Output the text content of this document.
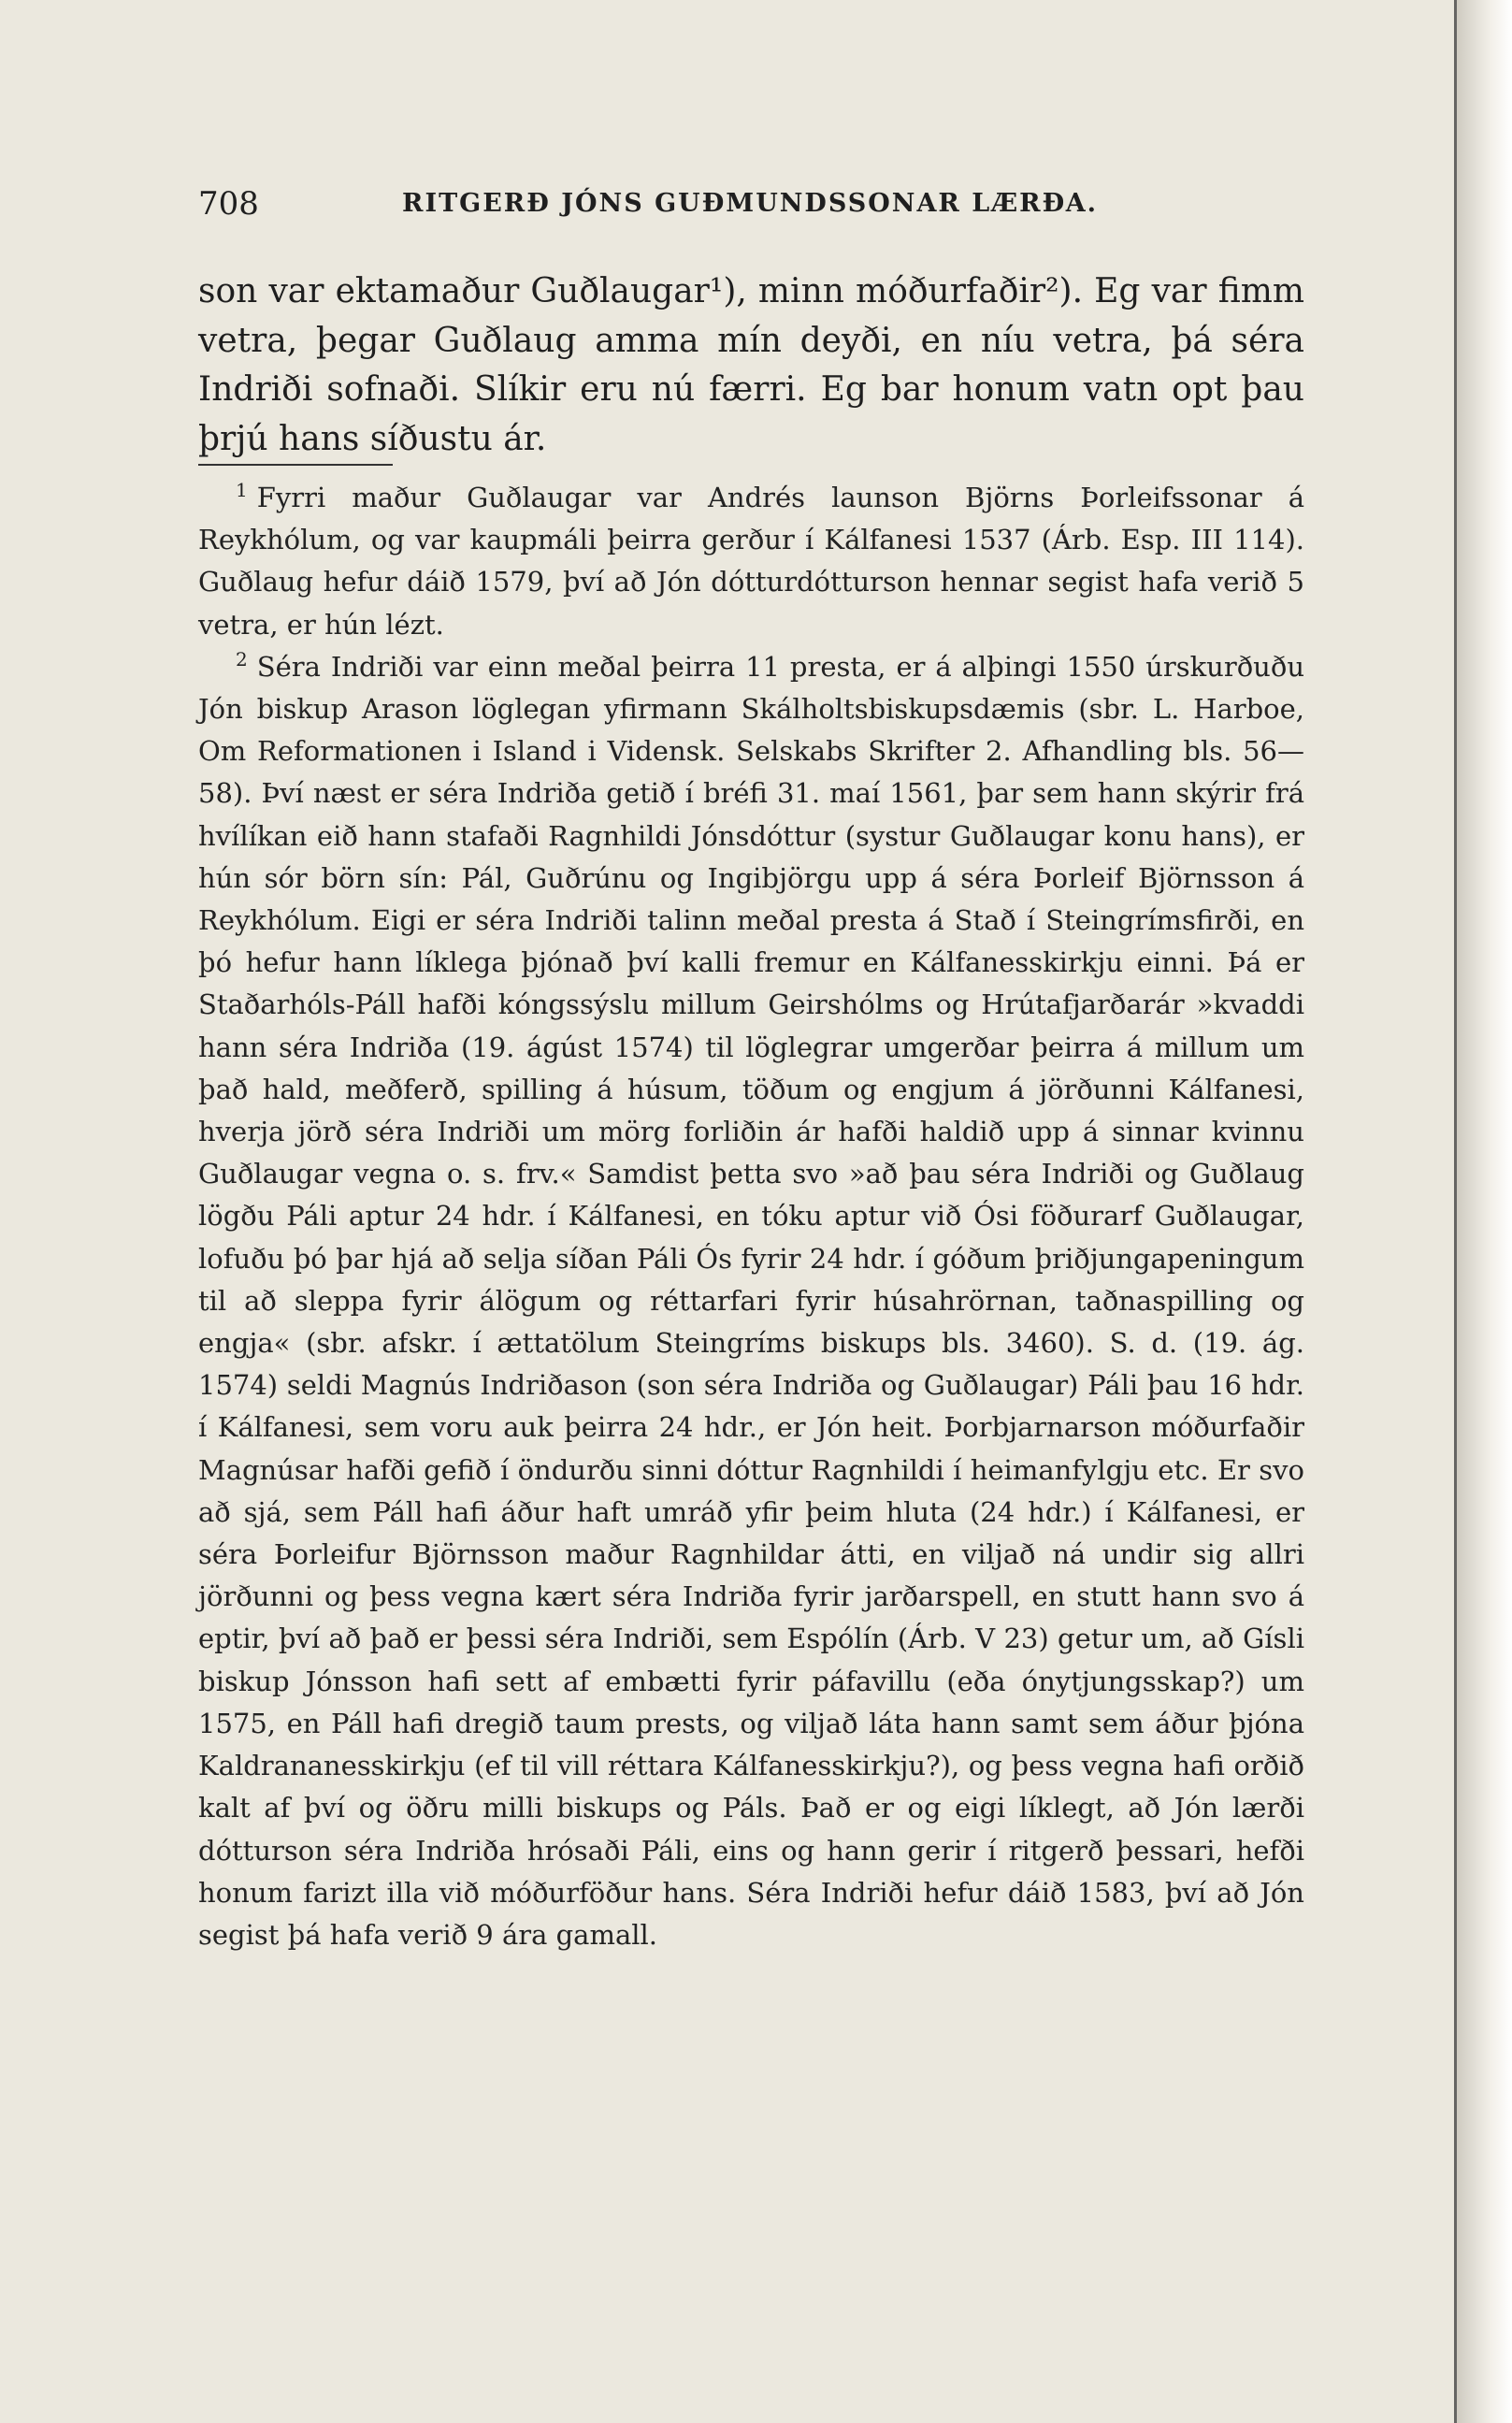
708	RITGERÐ JÓNS GUÐMUNDSSONAR LÆRÐA.

son var ektamaður Guðlaugar¹), minn móðurfaðir²). Eg var fimm vetra, þegar Guðlaug amma mín deyði, en níu vetra, þá séra Indriði sofnaði. Slíkir eru nú færri. Eg bar honum vatn opt þau þrjú hans síðustu ár.

$^1$ Fyrri maður Guðlaugar var Andrés launson Björns Þorleifssonar á Reykhólum, og var kaupmáli þeirra gerður í Kálfanesi 1537 (Árb. Esp. III 114). Guðlaug hefur dáið 1579, því að Jón dótturdótturson hennar segist hafa verið 5 vetra, er hún lézt.

$^2$ Séra Indriði var einn meðal þeirra 11 presta, er á alþingi 1550 úrskurðuðu Jón biskup Arason löglegan yfirmann Skálholtsbiskupsdæmis (sbr. L. Harboe, Om Reformationen i Island i Vidensk. Selskabs Skrifter 2. Afhandling bls. 56—58). Því næst er séra Indriða getið í bréfi 31. maí 1561, þar sem hann skýrir frá hvílíkan eið hann stafaði Ragnhildi Jónsdóttur (systur Guðlaugar konu hans), er hún sór börn sín: Pál, Guðrúnu og Ingibjörgu upp á séra Þorleif Björnsson á Reykhólum. Eigi er séra Indriði talinn meðal presta á Stað í Steingrímsfirði, en þó hefur hann líklega þjónað því kalli fremur en Kálfanesskirkju einni. Þá er Staðarhóls-Páll hafði kóngssýslu millum Geirshólms og Hrútafjarðarár »kvaddi hann séra Indriða (19. ágúst 1574) til löglegrar umgerðar þeirra á millum um það hald, meðferð, spilling á húsum, töðum og engjum á jörðunni Kálfanesi, hverja jörð séra Indriði um mörg forliðin ár hafði haldið upp á sinnar kvinnu Guðlaugar vegna o. s. frv.« Samdist þetta svo »að þau séra Indriði og Guðlaug lögðu Páli aptur 24 hdr. í Kálfanesi, en tóku aptur við Ósi föðurarf Guðlaugar, lofuðu þó þar hjá að selja síðan Páli Ós fyrir 24 hdr. í góðum þriðjungapeningum til að sleppa fyrir álögum og réttarfari fyrir húsahrörnan, taðnaspilling og engja« (sbr. afskr. í ættatölum Steingríms biskups bls. 3460). S. d. (19. ág. 1574) seldi Magnús Indriðason (son séra Indriða og Guðlaugar) Páli þau 16 hdr. í Kálfanesi, sem voru auk þeirra 24 hdr., er Jón heit. Þorbjarnarson móðurfaðir Magnúsar hafði gefið í öndurðu sinni dóttur Ragnhildi í heimanfylgju etc. Er svo að sjá, sem Páll hafi áður haft umráð yfir þeim hluta (24 hdr.) í Kálfanesi, er séra Þorleifur Björnsson maður Ragnhildar átti, en viljað ná undir sig allri jörðunni og þess vegna kært séra Indriða fyrir jarðarspell, en stutt hann svo á eptir, því að það er þessi séra Indriði, sem Espólín (Árb. V 23) getur um, að Gísli biskup Jónsson hafi sett af embætti fyrir páfavillu (eða ónytjungsskap?) um 1575, en Páll hafi dregið taum prests, og viljað láta hann samt sem áður þjóna Kaldrananesskirkju (ef til vill réttara Kálfanesskirkju?), og þess vegna hafi orðið kalt af því og öðru milli biskups og Páls. Það er og eigi líklegt, að Jón lærði dótturson séra Indriða hrósaði Páli, eins og hann gerir í ritgerð þessari, hefði honum farizt illa við móðurföður hans. Séra Indriði hefur dáið 1583, því að Jón segist þá hafa verið 9 ára gamall.
